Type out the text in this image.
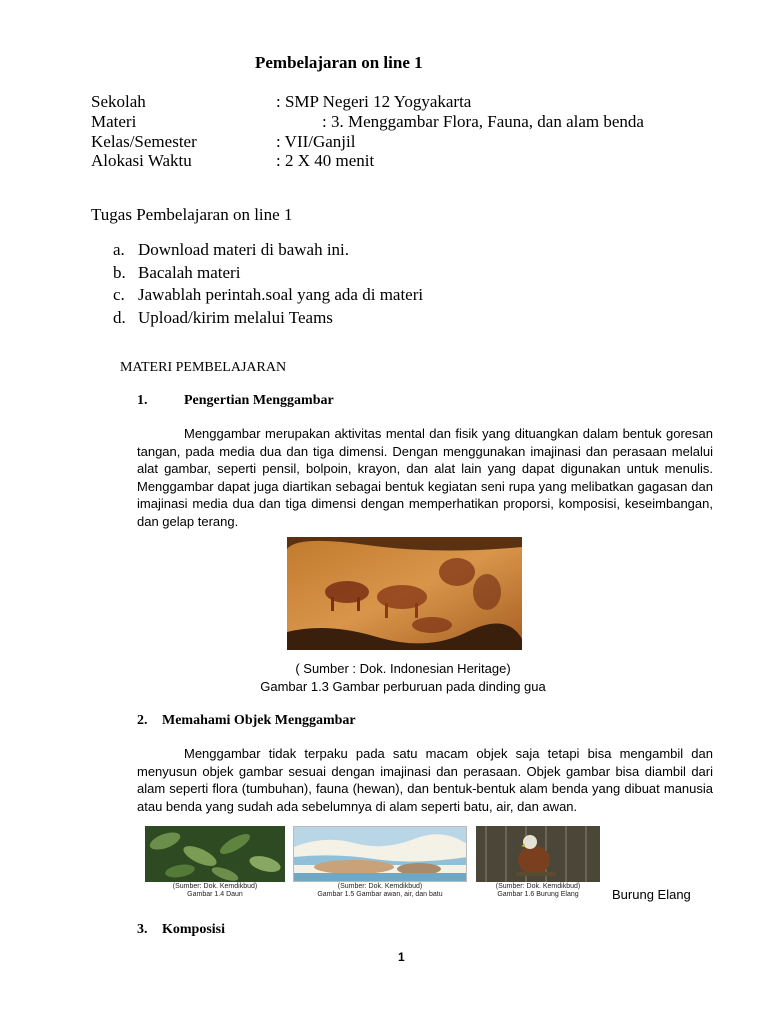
Pembelajaran on line 1
Sekolah	: SMP Negeri 12 Yogyakarta
Materi	: 3. Menggambar Flora, Fauna, dan alam benda
Kelas/Semester	: VII/Ganjil
Alokasi Waktu	: 2 X 40 menit
Tugas Pembelajaran on line 1
a. Download materi di bawah ini.
b. Bacalah materi
c. Jawablah perintah.soal yang ada di materi
d. Upload/kirim melalui Teams
MATERI PEMBELAJARAN
1.	Pengertian Menggambar
Menggambar merupakan aktivitas mental dan fisik yang dituangkan dalam bentuk goresan tangan, pada media dua dan tiga dimensi. Dengan menggunakan imajinasi dan perasaan melalui alat gambar, seperti pensil, bolpoin, krayon, dan alat lain yang dapat digunakan untuk menulis. Menggambar dapat juga diartikan sebagai bentuk kegiatan seni rupa yang melibatkan gagasan dan imajinasi media dua dan tiga dimensi dengan memperhatikan proporsi, komposisi, keseimbangan, dan gelap terang.
( Sumber : Dok. Indonesian Heritage)
Gambar 1.3 Gambar perburuan pada dinding gua
2. Memahami Objek Menggambar
Menggambar tidak terpaku pada satu macam objek saja tetapi bisa mengambil dan menyusun objek gambar sesuai dengan imajinasi dan perasaan. Objek gambar bisa diambil dari alam seperti flora (tumbuhan), fauna (hewan), dan bentuk-bentuk alam benda yang dibuat manusia atau benda yang sudah ada sebelumnya di alam seperti batu, air, dan awan.
(Sumber: Dok. Kemdikbud)
Gambar 1.4 Daun
(Sumber: Dok. Kemdikbud)
Gambar 1.5 Gambar awan, air, dan batu
(Sumber: Dok. Kemdikbud)
Gambar 1.6 Burung Elang	Burung Elang
3. Komposisi
1
